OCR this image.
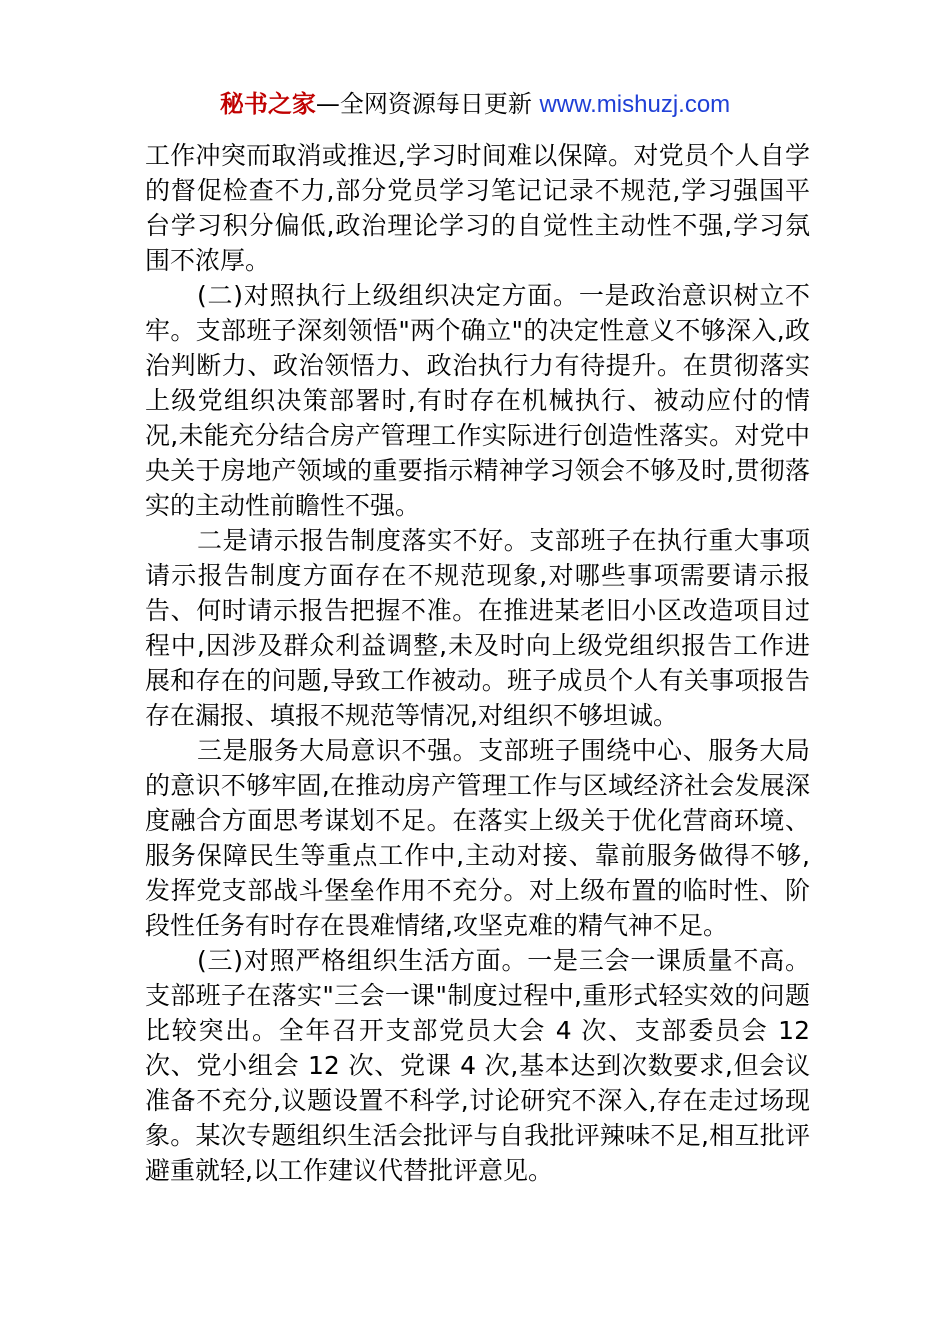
秘书之家—全网资源每日更新 www.mishuzj.com

工作冲突而取消或推迟,学习时间难以保障。对党员个人自学的督促检查不力,部分党员学习笔记记录不规范,学习强国平台学习积分偏低,政治理论学习的自觉性主动性不强,学习氛围不浓厚。

(二)对照执行上级组织决定方面。一是政治意识树立不牢。支部班子深刻领悟"两个确立"的决定性意义不够深入,政治判断力、政治领悟力、政治执行力有待提升。在贯彻落实上级党组织决策部署时,有时存在机械执行、被动应付的情况,未能充分结合房产管理工作实际进行创造性落实。对党中央关于房地产领域的重要指示精神学习领会不够及时,贯彻落实的主动性前瞻性不强。

二是请示报告制度落实不好。支部班子在执行重大事项请示报告制度方面存在不规范现象,对哪些事项需要请示报告、何时请示报告把握不准。在推进某老旧小区改造项目过程中,因涉及群众利益调整,未及时向上级党组织报告工作进展和存在的问题,导致工作被动。班子成员个人有关事项报告存在漏报、填报不规范等情况,对组织不够坦诚。

三是服务大局意识不强。支部班子围绕中心、服务大局的意识不够牢固,在推动房产管理工作与区域经济社会发展深度融合方面思考谋划不足。在落实上级关于优化营商环境、服务保障民生等重点工作中,主动对接、靠前服务做得不够,发挥党支部战斗堡垒作用不充分。对上级布置的临时性、阶段性任务有时存在畏难情绪,攻坚克难的精气神不足。

(三)对照严格组织生活方面。一是三会一课质量不高。支部班子在落实"三会一课"制度过程中,重形式轻实效的问题比较突出。全年召开支部党员大会 4 次、支部委员会 12 次、党小组会 12 次、党课 4 次,基本达到次数要求,但会议准备不充分,议题设置不科学,讨论研究不深入,存在走过场现象。某次专题组织生活会批评与自我批评辣味不足,相互批评避重就轻,以工作建议代替批评意见。
